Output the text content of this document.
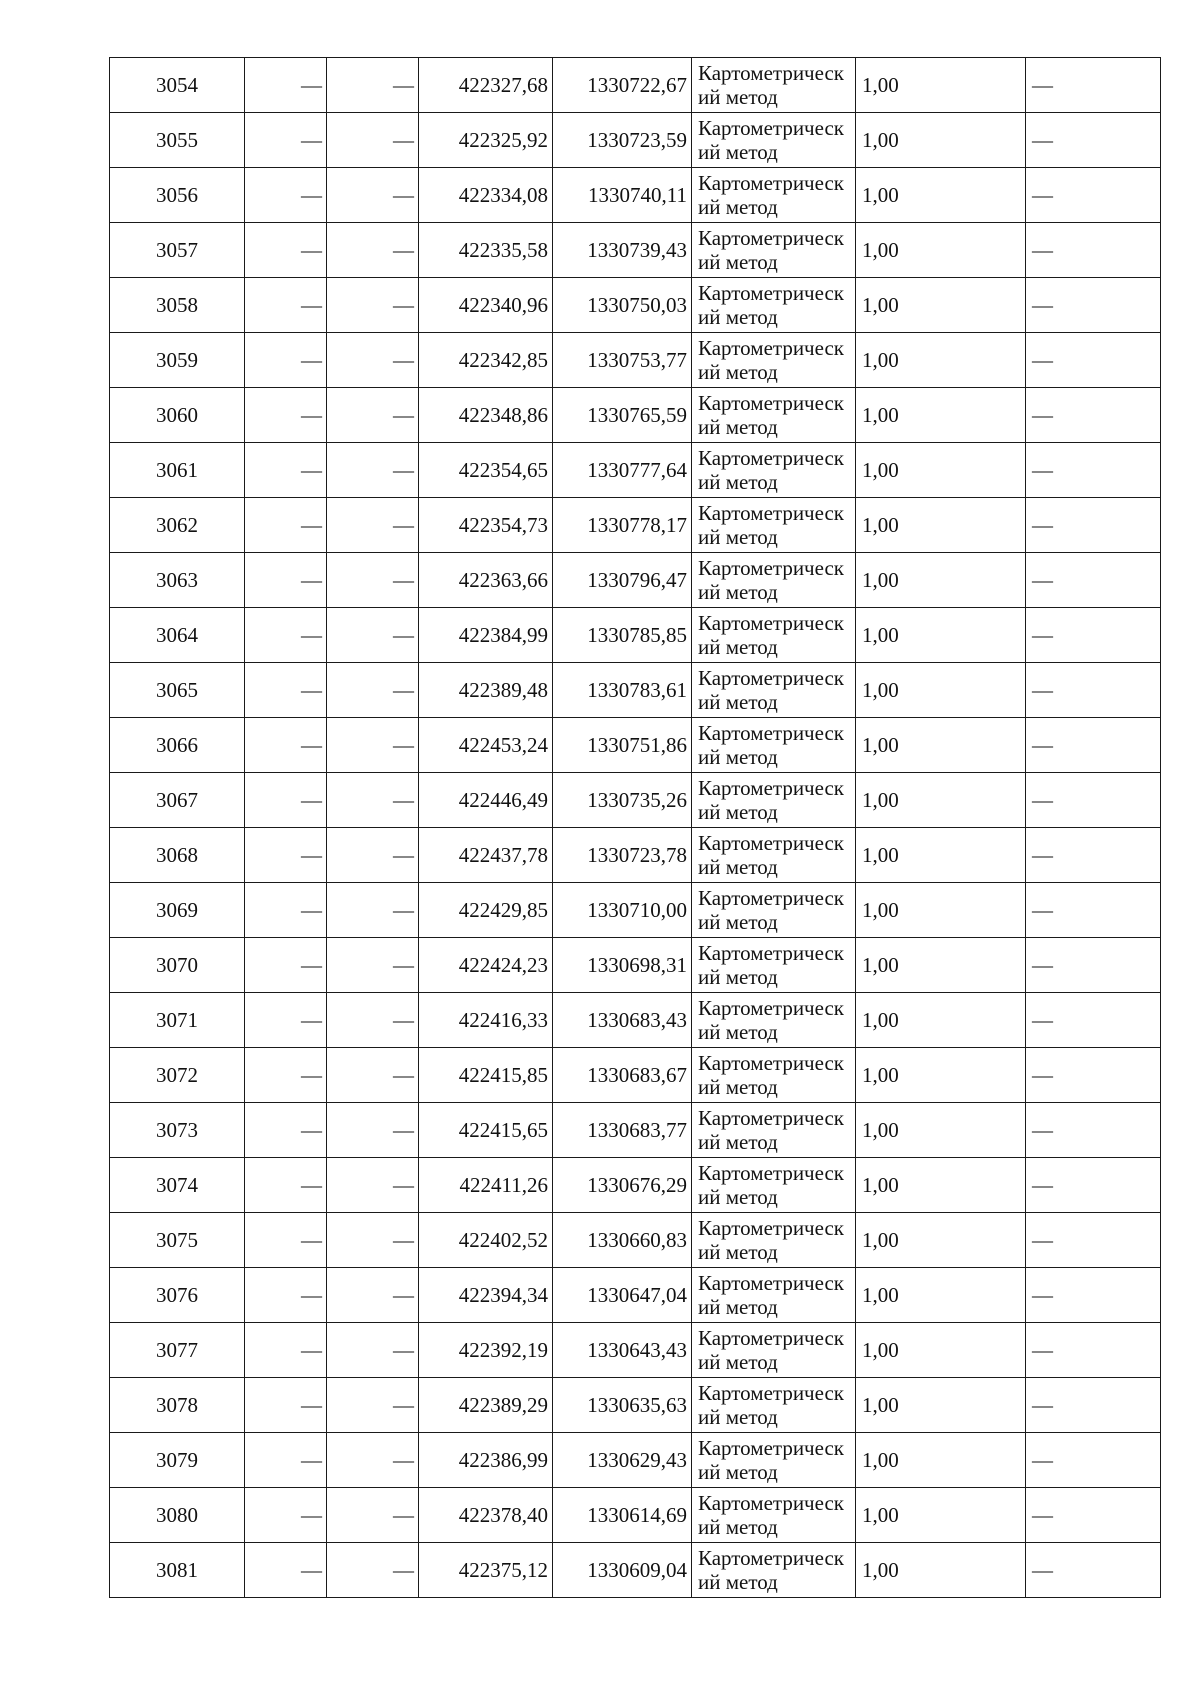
3054	—	—	422327,68	1330722,67	Картометрический метод	1,00	—
3055	—	—	422325,92	1330723,59	Картометрический метод	1,00	—
3056	—	—	422334,08	1330740,11	Картометрический метод	1,00	—
3057	—	—	422335,58	1330739,43	Картометрический метод	1,00	—
3058	—	—	422340,96	1330750,03	Картометрический метод	1,00	—
3059	—	—	422342,85	1330753,77	Картометрический метод	1,00	—
3060	—	—	422348,86	1330765,59	Картометрический метод	1,00	—
3061	—	—	422354,65	1330777,64	Картометрический метод	1,00	—
3062	—	—	422354,73	1330778,17	Картометрический метод	1,00	—
3063	—	—	422363,66	1330796,47	Картометрический метод	1,00	—
3064	—	—	422384,99	1330785,85	Картометрический метод	1,00	—
3065	—	—	422389,48	1330783,61	Картометрический метод	1,00	—
3066	—	—	422453,24	1330751,86	Картометрический метод	1,00	—
3067	—	—	422446,49	1330735,26	Картометрический метод	1,00	—
3068	—	—	422437,78	1330723,78	Картометрический метод	1,00	—
3069	—	—	422429,85	1330710,00	Картометрический метод	1,00	—
3070	—	—	422424,23	1330698,31	Картометрический метод	1,00	—
3071	—	—	422416,33	1330683,43	Картометрический метод	1,00	—
3072	—	—	422415,85	1330683,67	Картометрический метод	1,00	—
3073	—	—	422415,65	1330683,77	Картометрический метод	1,00	—
3074	—	—	422411,26	1330676,29	Картометрический метод	1,00	—
3075	—	—	422402,52	1330660,83	Картометрический метод	1,00	—
3076	—	—	422394,34	1330647,04	Картометрический метод	1,00	—
3077	—	—	422392,19	1330643,43	Картометрический метод	1,00	—
3078	—	—	422389,29	1330635,63	Картометрический метод	1,00	—
3079	—	—	422386,99	1330629,43	Картометрический метод	1,00	—
3080	—	—	422378,40	1330614,69	Картометрический метод	1,00	—
3081	—	—	422375,12	1330609,04	Картометрический метод	1,00	—
